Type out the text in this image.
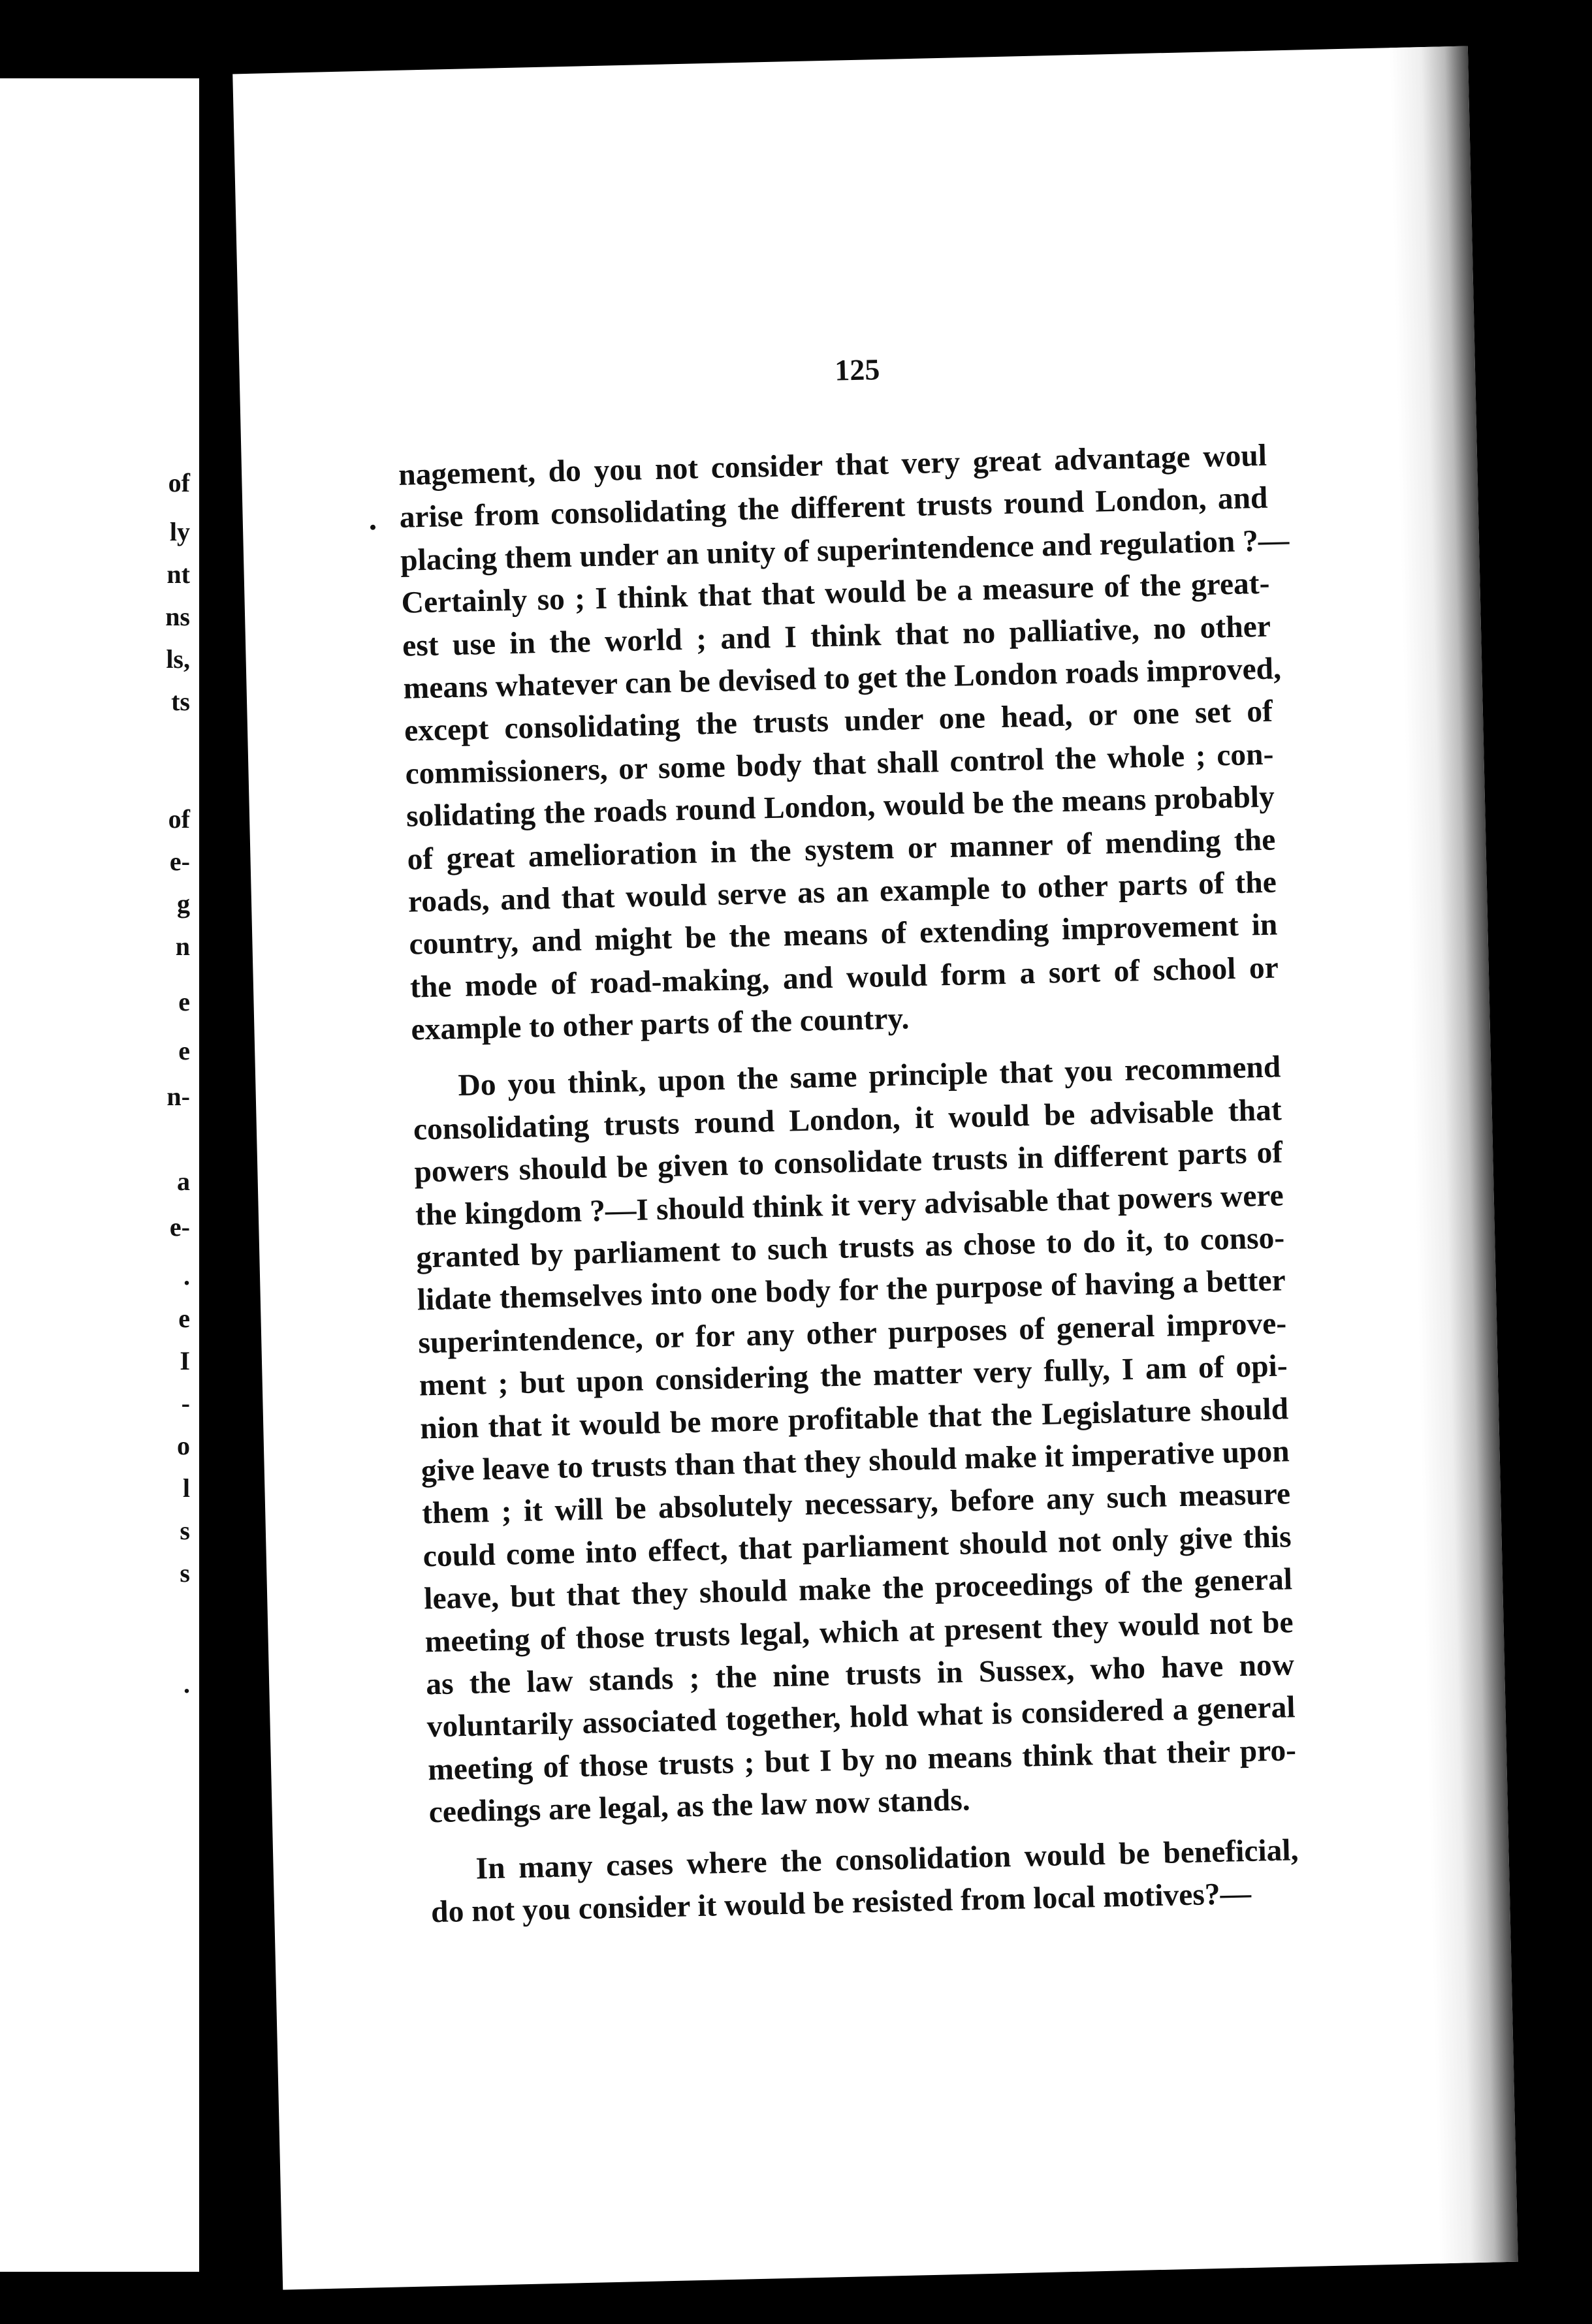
of
ly
nt
ns
ls,
ts
of
e-
g
n
e
e
n-
a
e-
.
e
I
-
o
l
s
s
.
125
nagement, do you not consider that very great advantage woul
arise from consolidating the different trusts round London, and
placing them under an unity of superintendence and regulation ?—
Certainly so ; I think that that would be a measure of the great-
est use in the world ; and I think that no palliative, no other
means whatever can be devised to get the London roads improved,
except consolidating the trusts under one head, or one set of
commissioners, or some body that shall control the whole ; con-
solidating the roads round London, would be the means probably
of great amelioration in the system or manner of mending the
roads, and that would serve as an example to other parts of the
country, and might be the means of extending improvement in
the mode of road-making, and would form a sort of school or
example to other parts of the country.
Do you think, upon the same principle that you recommend
consolidating trusts round London, it would be advisable that
powers should be given to consolidate trusts in different parts of
the kingdom ?—I should think it very advisable that powers were
granted by parliament to such trusts as chose to do it, to conso-
lidate themselves into one body for the purpose of having a better
superintendence, or for any other purposes of general improve-
ment ; but upon considering the matter very fully, I am of opi-
nion that it would be more profitable that the Legislature should
give leave to trusts than that they should make it imperative upon
them ; it will be absolutely necessary, before any such measure
could come into effect, that parliament should not only give this
leave, but that they should make the proceedings of the general
meeting of those trusts legal, which at present they would not be
as the law stands ; the nine trusts in Sussex, who have now
voluntarily associated together, hold what is considered a general
meeting of those trusts ; but I by no means think that their pro-
ceedings are legal, as the law now stands.
In many cases where the consolidation would be beneficial,
do not you consider it would be resisted from local motives?—
